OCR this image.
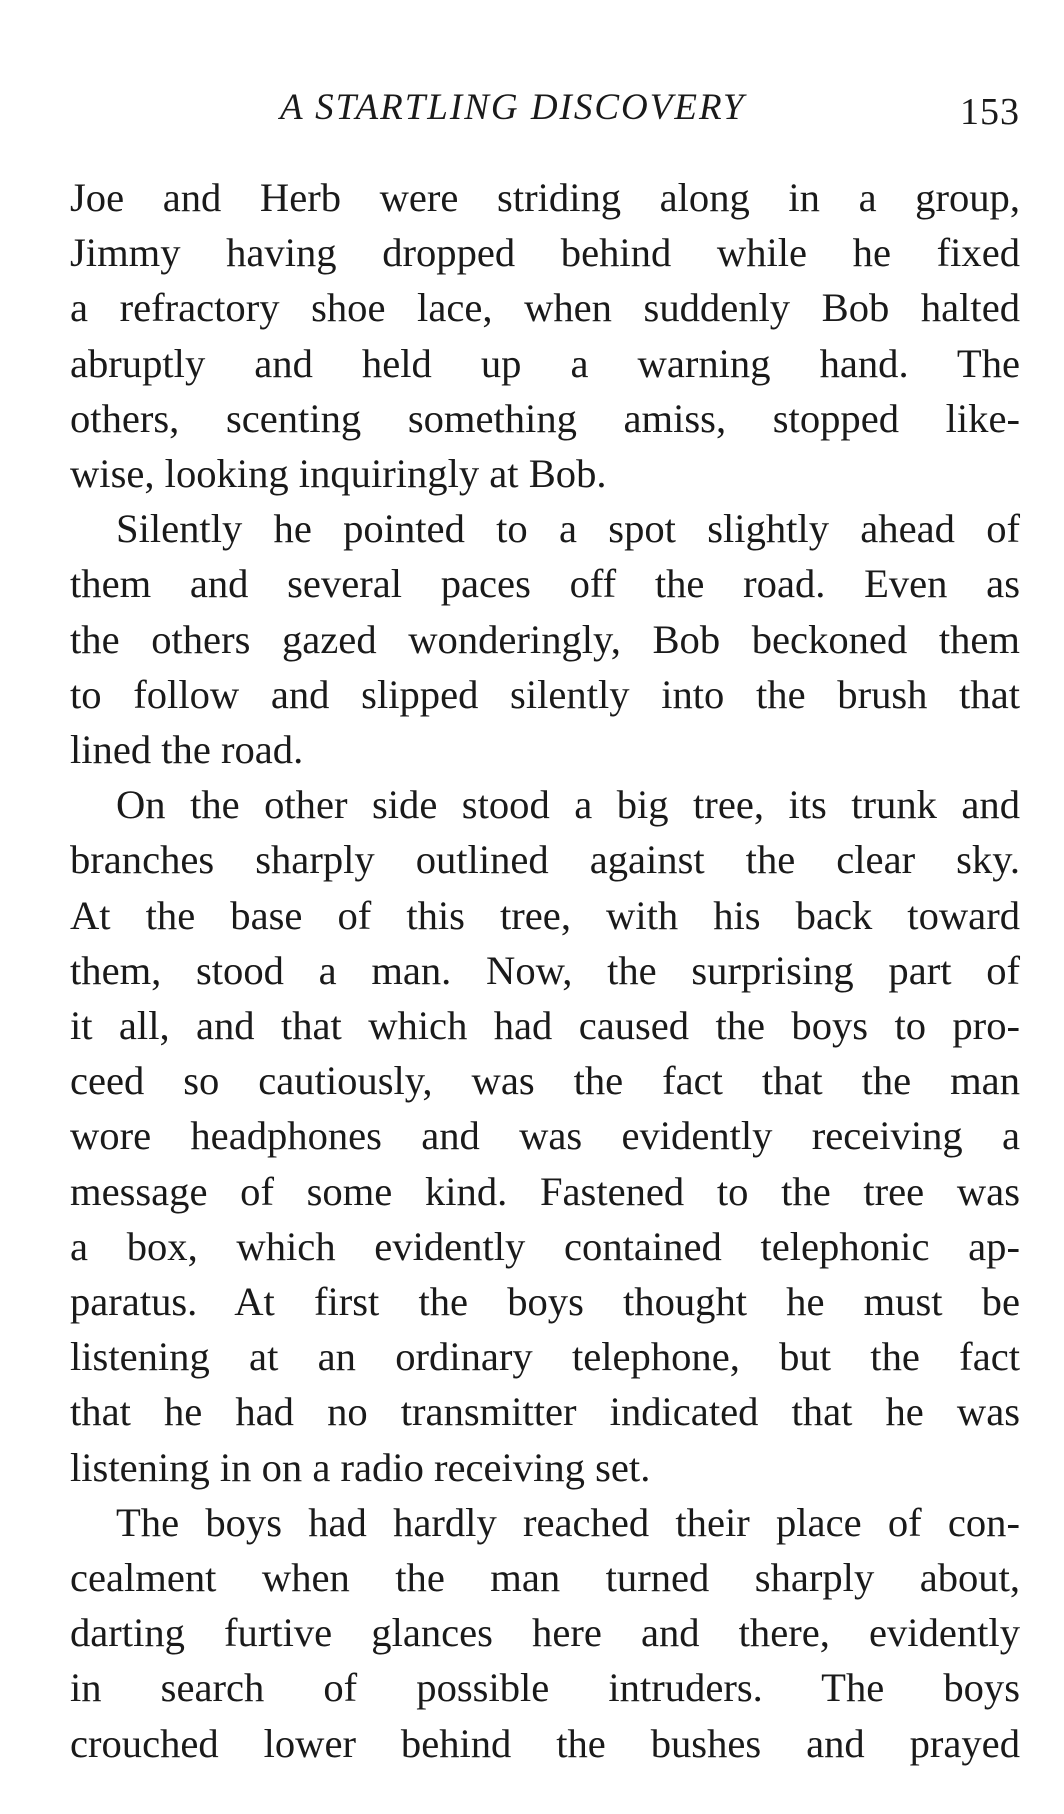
A STARTLING DISCOVERY	153
Joe and Herb were striding along in a group,
Jimmy having dropped behind while he fixed
a refractory shoe lace, when suddenly Bob halted
abruptly and held up a warning hand. The
others, scenting something amiss, stopped like-
wise, looking inquiringly at Bob.
Silently he pointed to a spot slightly ahead of
them and several paces off the road. Even as
the others gazed wonderingly, Bob beckoned them
to follow and slipped silently into the brush that
lined the road.
On the other side stood a big tree, its trunk and
branches sharply outlined against the clear sky.
At the base of this tree, with his back toward
them, stood a man. Now, the surprising part of
it all, and that which had caused the boys to pro-
ceed so cautiously, was the fact that the man
wore headphones and was evidently receiving a
message of some kind. Fastened to the tree was
a box, which evidently contained telephonic ap-
paratus. At first the boys thought he must be
listening at an ordinary telephone, but the fact
that he had no transmitter indicated that he was
listening in on a radio receiving set.
The boys had hardly reached their place of con-
cealment when the man turned sharply about,
darting furtive glances here and there, evidently
in search of possible intruders. The boys
crouched lower behind the bushes and prayed
